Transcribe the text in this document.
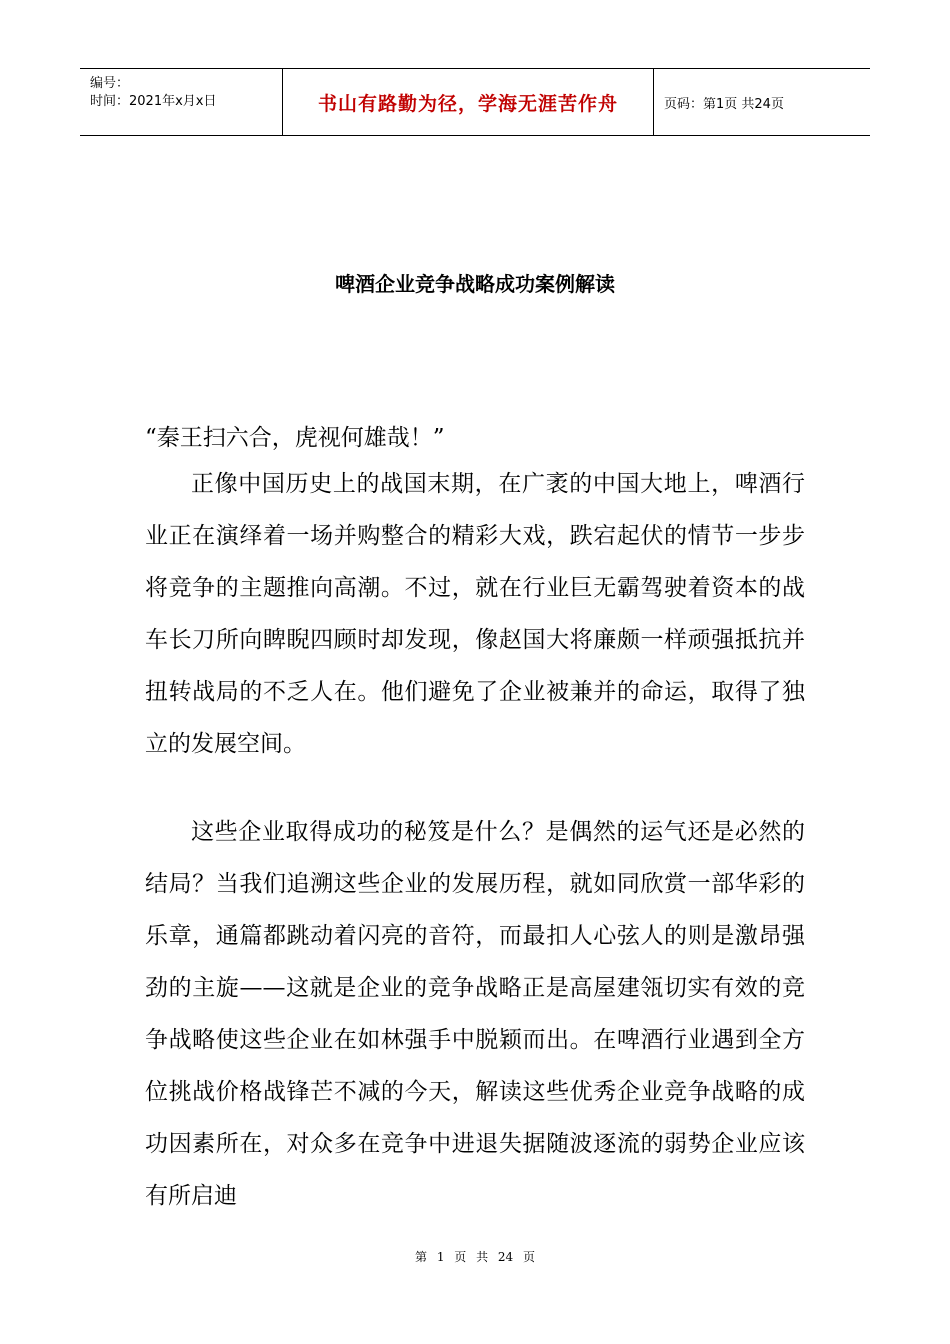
编号：
时间：2021年x月x日	书山有路勤为径，学海无涯苦作舟	页码：第1页 共24页
啤酒企业竞争战略成功案例解读
“秦王扫六合，虎视何雄哉！”
正像中国历史上的战国末期，在广袤的中国大地上，啤酒行业正在演绎着一场并购整合的精彩大戏，跌宕起伏的情节一步步将竞争的主题推向高潮。不过，就在行业巨无霸驾驶着资本的战车长刀所向睥睨四顾时却发现，像赵国大将廉颇一样顽强抵抗并扭转战局的不乏人在。他们避免了企业被兼并的命运，取得了独立的发展空间。
这些企业取得成功的秘笈是什么？是偶然的运气还是必然的结局？当我们追溯这些企业的发展历程，就如同欣赏一部华彩的乐章，通篇都跳动着闪亮的音符，而最扣人心弦人的则是激昂强劲的主旋——这就是企业的竞争战略正是高屋建瓴切实有效的竞争战略使这些企业在如林强手中脱颖而出。在啤酒行业遇到全方位挑战价格战锋芒不减的今天，解读这些优秀企业竞争战略的成功因素所在，对众多在竞争中进退失据随波逐流的弱势企业应该有所启迪
第 1 页 共 24 页
